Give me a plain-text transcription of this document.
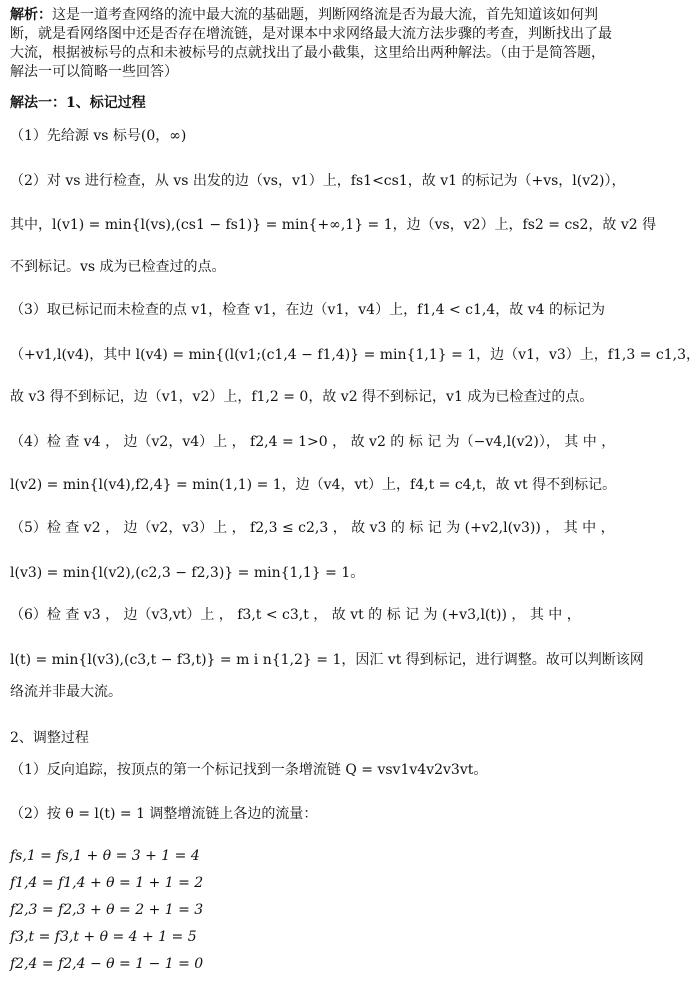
解析：这是一道考查网络的流中最大流的基础题，判断网络流是否为最大流，首先知道该如何判断，就是看网络图中还是否存在增流链，是对课本中求网络最大流方法步骤的考查，判断找出了最大流，根据被标号的点和未被标号的点就找出了最小截集，这里给出两种解法。（由于是简答题，解法一可以简略一些回答）

解法一：1、标记过程
（1）先给源 vs 标号(0，∞)
（2）对 vs 进行检查，从 vs 出发的边（vs，v1）上，fs1<cs1，故 v1 的标记为（+vs，l(v2)），
其中，l(v1) = min{l(vs),(cs1 − fs1)} = min{+∞,1} = 1，边（vs，v2）上，fs2 = cs2，故 v2 得
不到标记。vs 成为已检查过的点。
（3）取已标记而未检查的点 v1，检查 v1，在边（v1，v4）上，f1,4 < c1,4，故 v4 的标记为
（+v1,l(v4)，其中 l(v4) = min{(l(v1;(c1,4 − f1,4)} = min{1,1} = 1，边（v1，v3）上，f1,3 = c1,3，
故 v3 得不到标记，边（v1，v2）上，f1,2 = 0，故 v2 得不到标记，v1 成为已检查过的点。
（4）检 查 v4 ， 边（v2，v4）上 ， f2,4 = 1>0 ， 故 v2 的 标 记 为（−v4,l(v2)）， 其 中 ，
l(v2) = min{l(v4),f2,4} = min(1,1) = 1，边（v4，vt）上，f4,t = c4,t，故 vt 得不到标记。
（5）检 查 v2 ， 边（v2，v3）上 ， f2,3 ≤ c2,3 ， 故 v3 的 标 记 为 (+v2,l(v3)) ， 其 中 ，
l(v3) = min{l(v2),(c2,3 − f2,3)} = min{1,1} = 1。
（6）检 查 v3 ， 边（v3,vt）上 ， f3,t < c3,t ， 故 vt 的 标 记 为 (+v3,l(t)) ， 其 中 ，
l(t) = min{l(v3),(c3,t − f3,t)} = m i n{1,2} = 1，因汇 vt 得到标记，进行调整。故可以判断该网
络流并非最大流。
2、调整过程
（1）反向追踪，按顶点的第一个标记找到一条增流链 Q = vsv1v4v2v3vt。
（2）按 θ = l(t) = 1 调整增流链上各边的流量：
fs,1 = fs,1 + θ = 3 + 1 = 4
f1,4 = f1,4 + θ = 1 + 1 = 2
f2,3 = f2,3 + θ = 2 + 1 = 3
f3,t = f3,t + θ = 4 + 1 = 5
f2,4 = f2,4 − θ = 1 − 1 = 0
